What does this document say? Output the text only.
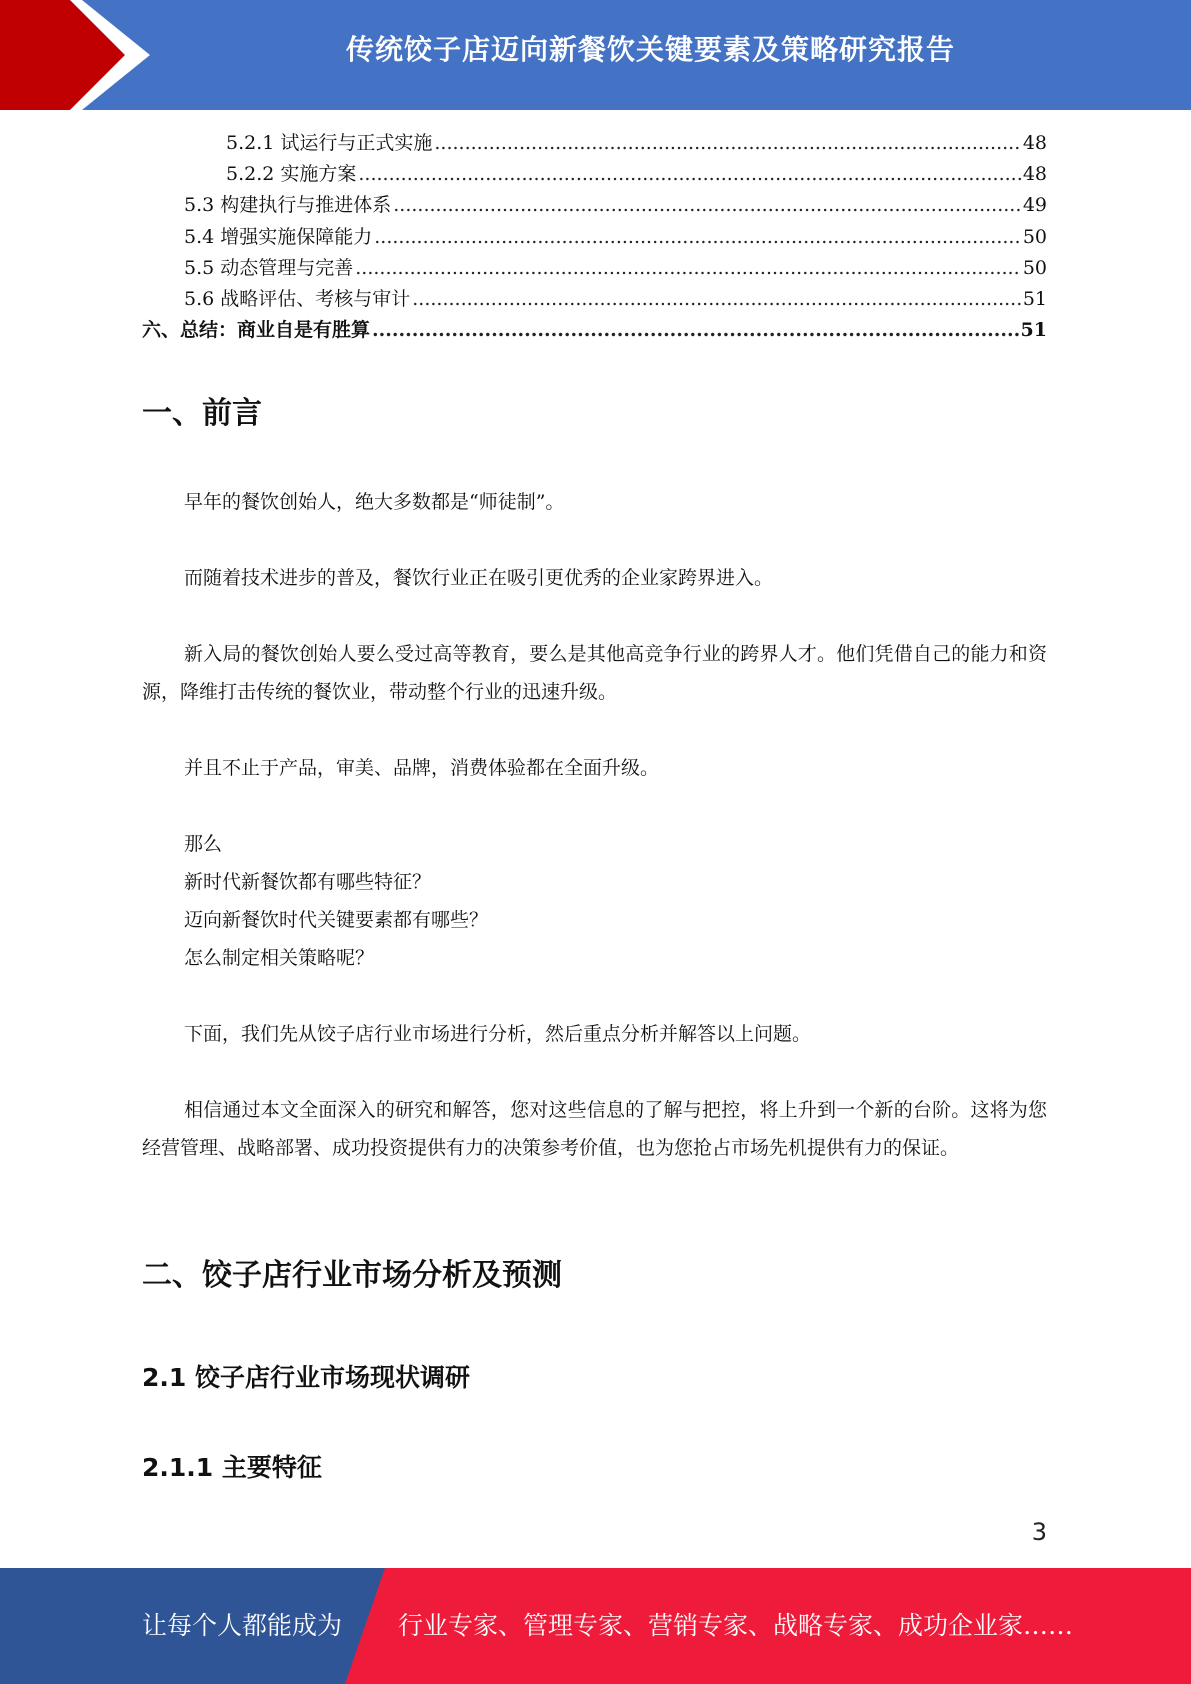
传统饺子店迈向新餐饮关键要素及策略研究报告
5.2.1 试运行与正式实施 .....	48
5.2.2 实施方案 .....	48
5.3 构建执行与推进体系 .....	49
5.4 增强实施保障能力 .....	50
5.5 动态管理与完善 .....	50
5.6 战略评估、考核与审计 .....	51
六、总结：商业自是有胜算 .....	51
一、前言

早年的餐饮创始人，绝大多数都是“师徒制”。

而随着技术进步的普及，餐饮行业正在吸引更优秀的企业家跨界进入。

新入局的餐饮创始人要么受过高等教育，要么是其他高竞争行业的跨界人才。他们凭借自己的能力和资源，降维打击传统的餐饮业，带动整个行业的迅速升级。

并且不止于产品，审美、品牌，消费体验都在全面升级。

那么
新时代新餐饮都有哪些特征？
迈向新餐饮时代关键要素都有哪些？
怎么制定相关策略呢？

下面，我们先从饺子店行业市场进行分析，然后重点分析并解答以上问题。

相信通过本文全面深入的研究和解答，您对这些信息的了解与把控，将上升到一个新的台阶。这将为您经营管理、战略部署、成功投资提供有力的决策参考价值，也为您抢占市场先机提供有力的保证。

二、饺子店行业市场分析及预测
2.1 饺子店行业市场现状调研
2.1.1 主要特征
3
让每个人都能成为 行业专家、管理专家、营销专家、战略专家、成功企业家……
